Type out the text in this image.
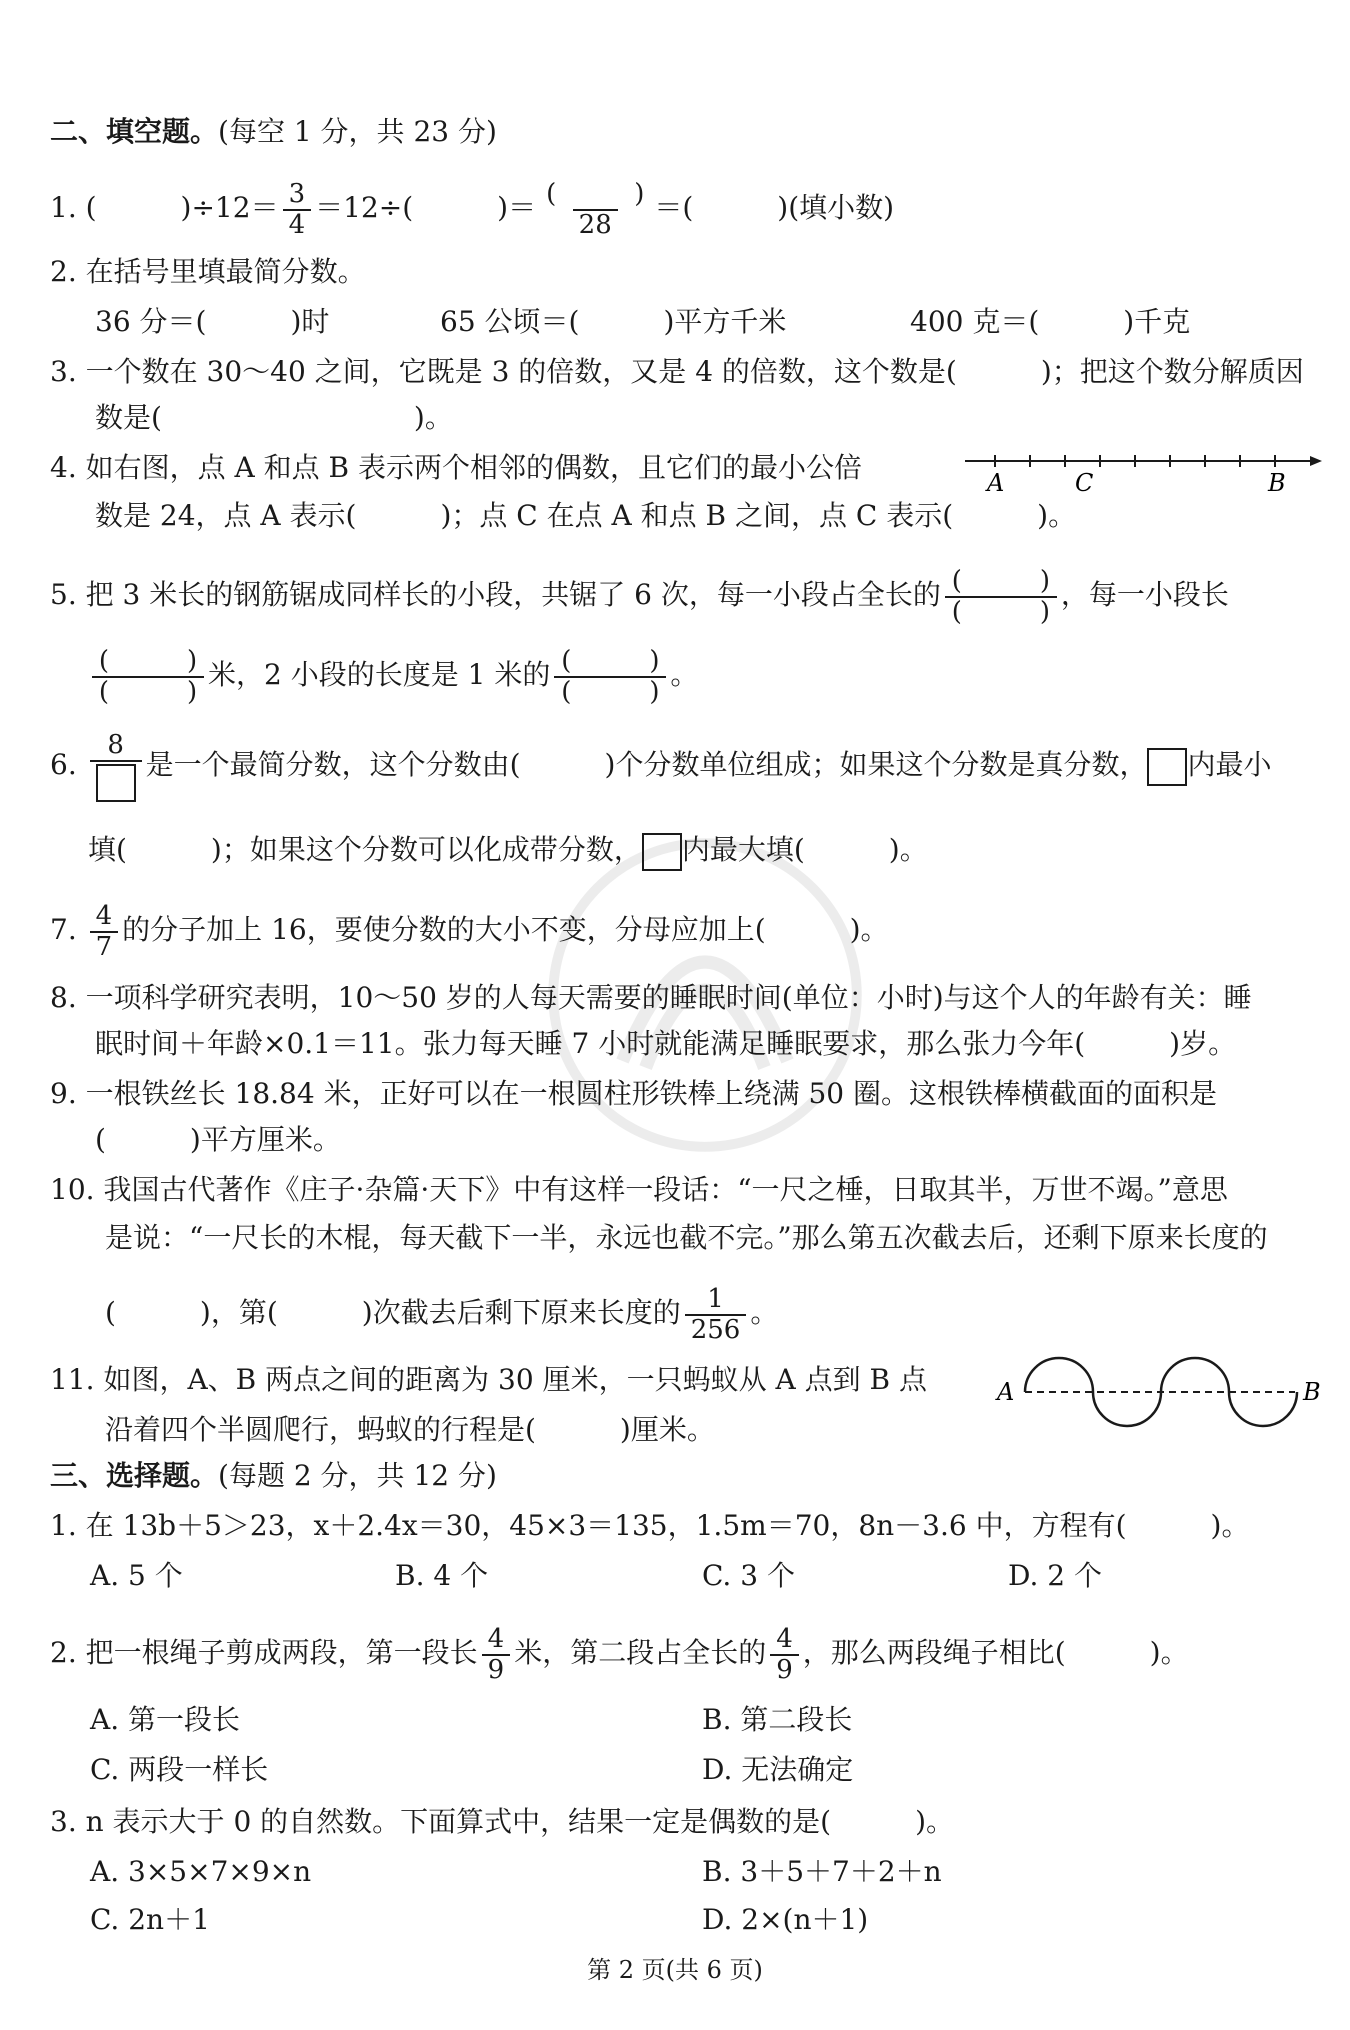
二、填空题。(每空 1 分，共 23 分)
1. (　　　)$\div 12= \frac{3}{4} =12\div$(　　　)＝ $\frac{( )}{28}$ ＝(　　　)(填小数)
2. 在括号里填最简分数。
36 分＝(　　　)时	65 公顷＝(　　　)平方千米	400 克＝(　　　)千克
3. 一个数在 30～40 之间，它既是 3 的倍数，又是 4 的倍数，这个数是(　　　)；把这个数分解质因
数是(　　　　　　　　　)。
4. 如右图，点 A 和点 B 表示两个相邻的偶数，且它们的最小公倍
数是 24，点 A 表示(　　　)；点 C 在点 A 和点 B 之间，点 C 表示(　　　)。
A	C	B
5. 把 3 米长的钢筋锯成同样长的小段，共锯了 6 次，每一小段占全长的 $\frac{( )}{( )}$ ，每一小段长
$\frac{( )}{( )}$ 米，2 小段的长度是 1 米的 $\frac{( )}{( )}$ 。
6.
8
是一个最简分数，这个分数由(　　　)个分数单位组成；如果这个分数是真分数， 内最小
填(　　　)；如果这个分数可以化成带分数， 内最大填(　　　)。
7. $\frac{4}{7}$ 的分子加上 16，要使分数的大小不变，分母应加上(　　　)。
8. 一项科学研究表明，10～50 岁的人每天需要的睡眠时间(单位：小时)与这个人的年龄有关：睡
眠时间＋年龄×0.1＝11。张力每天睡 7 小时就能满足睡眠要求，那么张力今年(　　　)岁。
9. 一根铁丝长 18.84 米，正好可以在一根圆柱形铁棒上绕满 50 圈。这根铁棒横截面的面积是
(　　　)平方厘米。
10. 我国古代著作《庄子·杂篇·天下》中有这样一段话：“一尺之棰，日取其半，万世不竭。”意思
是说：“一尺长的木棍，每天截下一半，永远也截不完。”那么第五次截去后，还剩下原来长度的
(　　　)，第(　　　)次截去后剩下原来长度的 $\frac{1}{256}$ 。
11. 如图，A、B 两点之间的距离为 30 厘米，一只蚂蚁从 A 点到 B 点
沿着四个半圆爬行，蚂蚁的行程是(　　　)厘米。
A	B
三、选择题。(每题 2 分，共 12 分)
1. 在 13b＋5＞23，x＋2.4x＝30，45×3＝135，1.5m＝70，8n－3.6 中，方程有(　　　)。
A. 5 个	B. 4 个	C. 3 个	D. 2 个
2. 把一根绳子剪成两段，第一段长 $\frac{4}{9}$ 米，第二段占全长的 $\frac{4}{9}$ ，那么两段绳子相比(　　　)。
A. 第一段长	B. 第二段长
C. 两段一样长	D. 无法确定
3. n 表示大于 0 的自然数。下面算式中，结果一定是偶数的是(　　　)。
A. 3×5×7×9×n	B. 3＋5＋7＋2＋n
C. 2n＋1	D. 2×(n＋1)
第 2 页(共 6 页)
